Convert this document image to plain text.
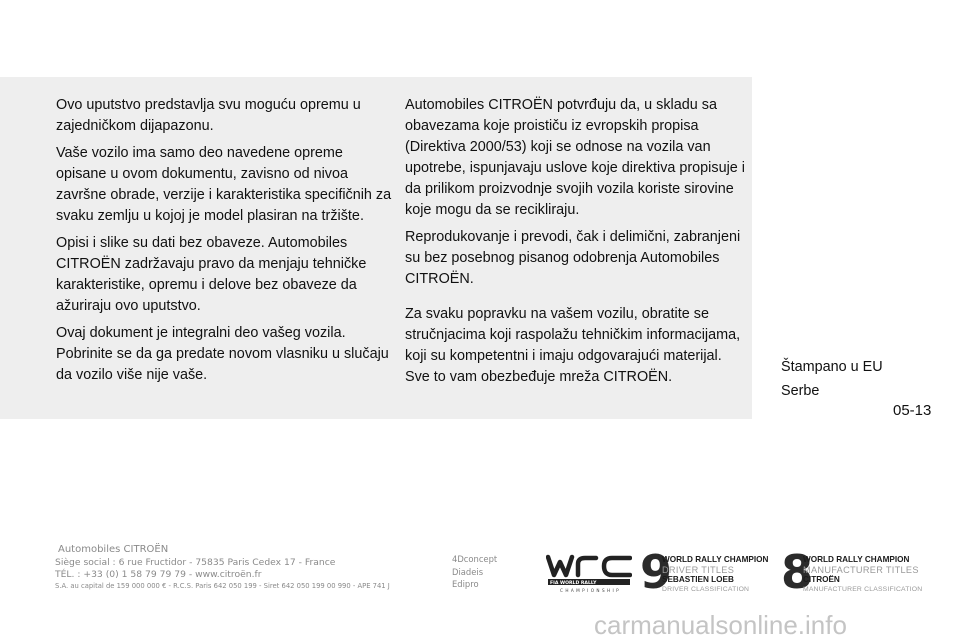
Ovo uputstvo predstavlja svu moguću opremu u zajedničkom dijapazonu.

Vaše vozilo ima samo deo navedene opreme opisane u ovom dokumentu, zavisno od nivoa završne obrade, verzije i karakteristika specifičnih za svaku zemlju u kojoj je model plasiran na tržište.

Opisi i slike su dati bez obaveze. Automobiles CITROËN zadržavaju pravo da menjaju tehničke karakteristike, opremu i delove bez obaveze da ažuriraju ovo uputstvo.

Ovaj dokument je integralni deo vašeg vozila. Pobrinite se da ga predate novom vlasniku u slučaju da vozilo više nije vaše.

Automobiles CITROËN potvrđuju da, u skladu sa obavezama koje proističu iz evropskih propisa (Direktiva 2000/53) koji se odnose na vozila van upotrebe, ispunjavaju uslove koje direktiva propisuje i da prilikom proizvodnje svojih vozila koriste sirovine koje mogu da se recikliraju.

Reprodukovanje i prevodi, čak i delimični, zabranjeni su bez posebnog pisanog odobrenja Automobiles CITROËN.

Za svaku popravku na vašem vozilu, obratite se stručnjacima koji raspolažu tehničkim informacijama, koji su kompetentni i imaju odgovarajući materijal. Sve to vam obezbeđuje mreža CITROËN.

Štampano u EU
Serbe
05-13
Automobiles CITROËN
Siège social : 6 rue Fructidor - 75835 Paris Cedex 17 - France
TÉL. : +33 (0) 1 58 79 79 79 - www.citroën.fr
S.A. au capital de 159 000 000 € - R.C.S. Paris 642 050 199 - Siret 642 050 199 00 990 - APE 741 J
4Dconcept
Diadeis
Edipro	FIA WORLD RALLY
CHAMPIONSHIP 9
WORLD RALLY CHAMPION
DRIVER TITLES
SEBASTIEN LOEB
DRIVER CLASSIFICATION 8
WORLD RALLY CHAMPION
MANUFACTURER TITLES
CITROËN
MANUFACTURER CLASSIFICATION
carmanualsonline.info
